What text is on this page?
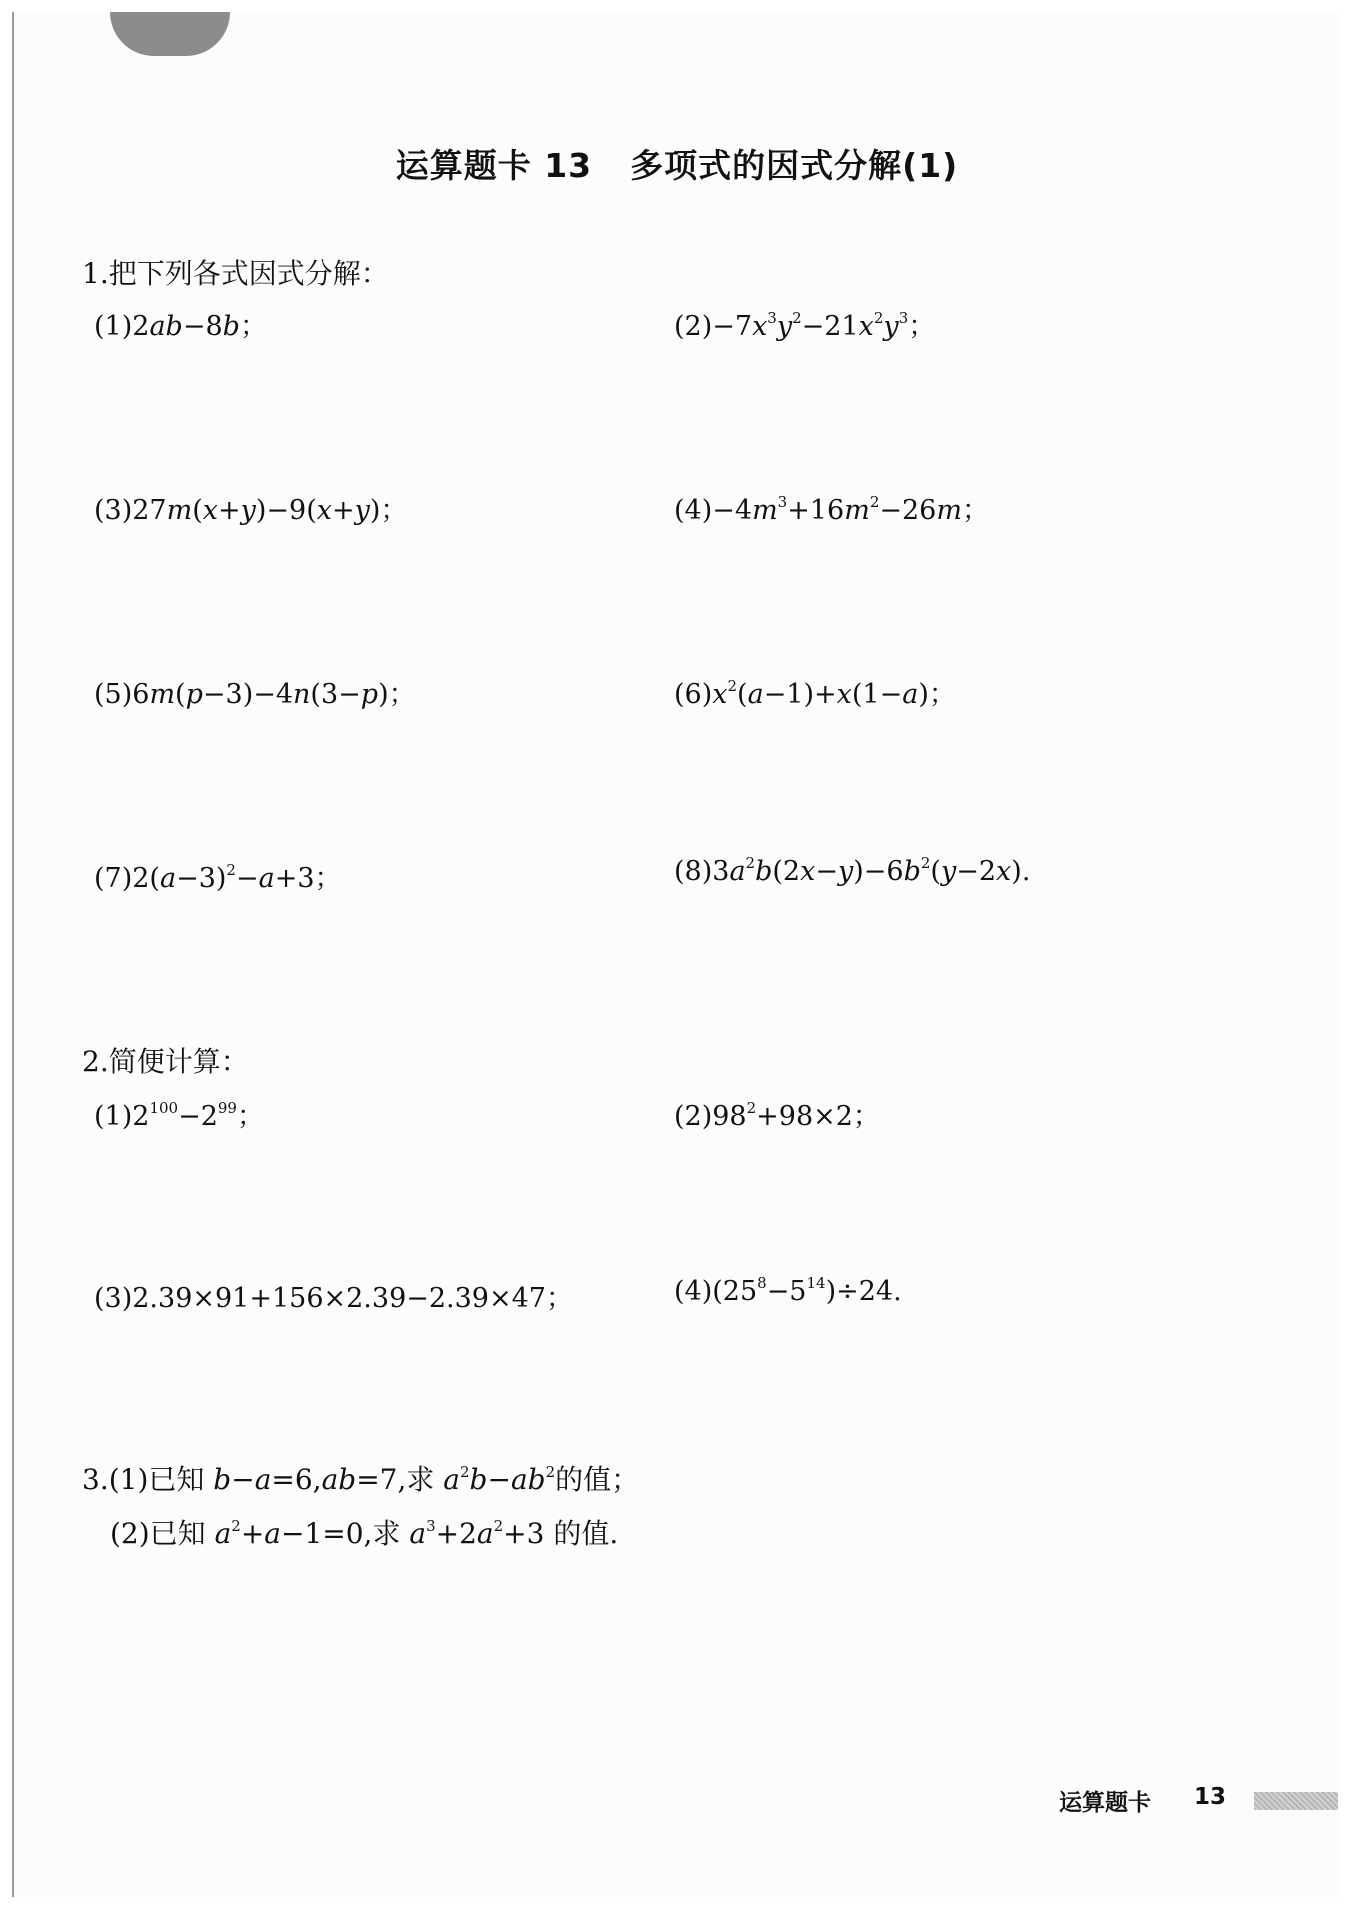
运算题卡 13 多项式的因式分解(1)
1.把下列各式因式分解：
(1)2ab−8b；	$(2)-7x^3y^2-21x^2y^3$；
(3)27m(x+y)−9(x+y)；	$(4)-4m^3+16m^2-26m$；
(5)6m(p−3)−4n(3−p)；	$(6)x^2(a-1)+x(1-a)$；
$(7)2(a-3)^2-a+3$；	$(8)3a^2b(2x-y)-6b^2(y-2x)$.
2.简便计算：
$(1)2^{100}-2^{99}$；	$(2)98^2+98\times 2$；
(3)2.39×91+156×2.39−2.39×47；	$(4)(25^8-5^{14})\div 24$.
3.(1)已知 b−a=6,ab=7,求 $a^2b-ab^2$的值；
(2)已知 $a^2+a-1=0$,求 $a^3+2a^2+3$ 的值.
运算题卡 13
